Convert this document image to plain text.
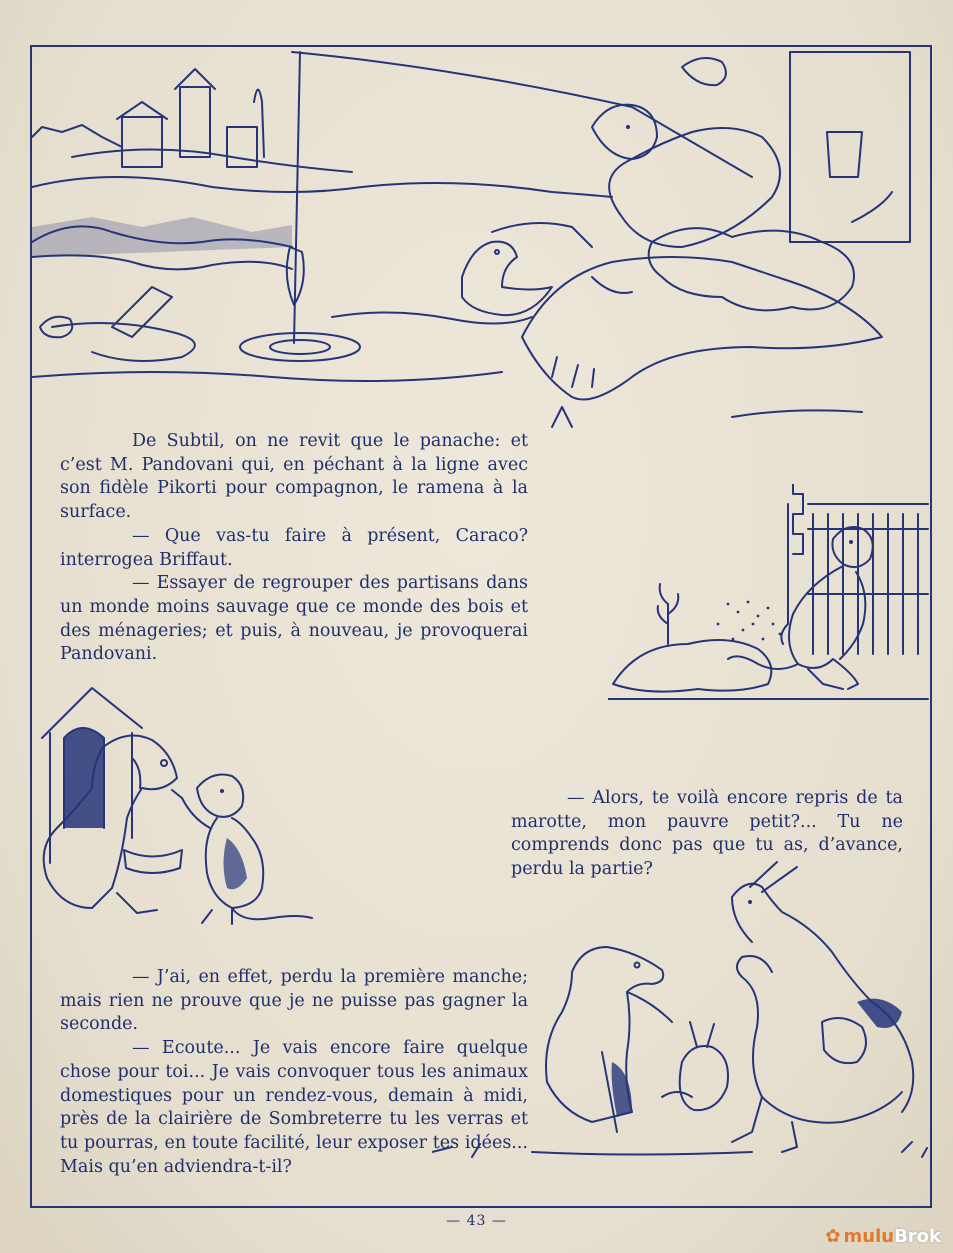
De Subtil, on ne revit que le panache: et c’est M. Pandovani qui, en péchant à la ligne avec son fidèle Pikorti pour compagnon, le ramena à la surface.

— Que vas-tu faire à présent, Caraco? interrogea Briffaut.

— Essayer de regrouper des partisans dans un monde moins sauvage que ce monde des bois et des ménageries; et puis, à nouveau, je provoquerai Pandovani.

— Alors, te voilà encore repris de ta marotte, mon pauvre petit?... Tu ne comprends donc pas que tu as, d’avance, perdu la partie?

— J’ai, en effet, perdu la première manche; mais rien ne prouve que je ne puisse pas gagner la seconde.

— Ecoute... Je vais encore faire quelque chose pour toi... Je vais convoquer tous les animaux domestiques pour un rendez-vous, demain à midi, près de la clairière de Sombreterre tu les verras et tu pourras, en toute facilité, leur exposer tes idées... Mais qu’en adviendra-t-il?

— 43 —
✿ muluBrok
